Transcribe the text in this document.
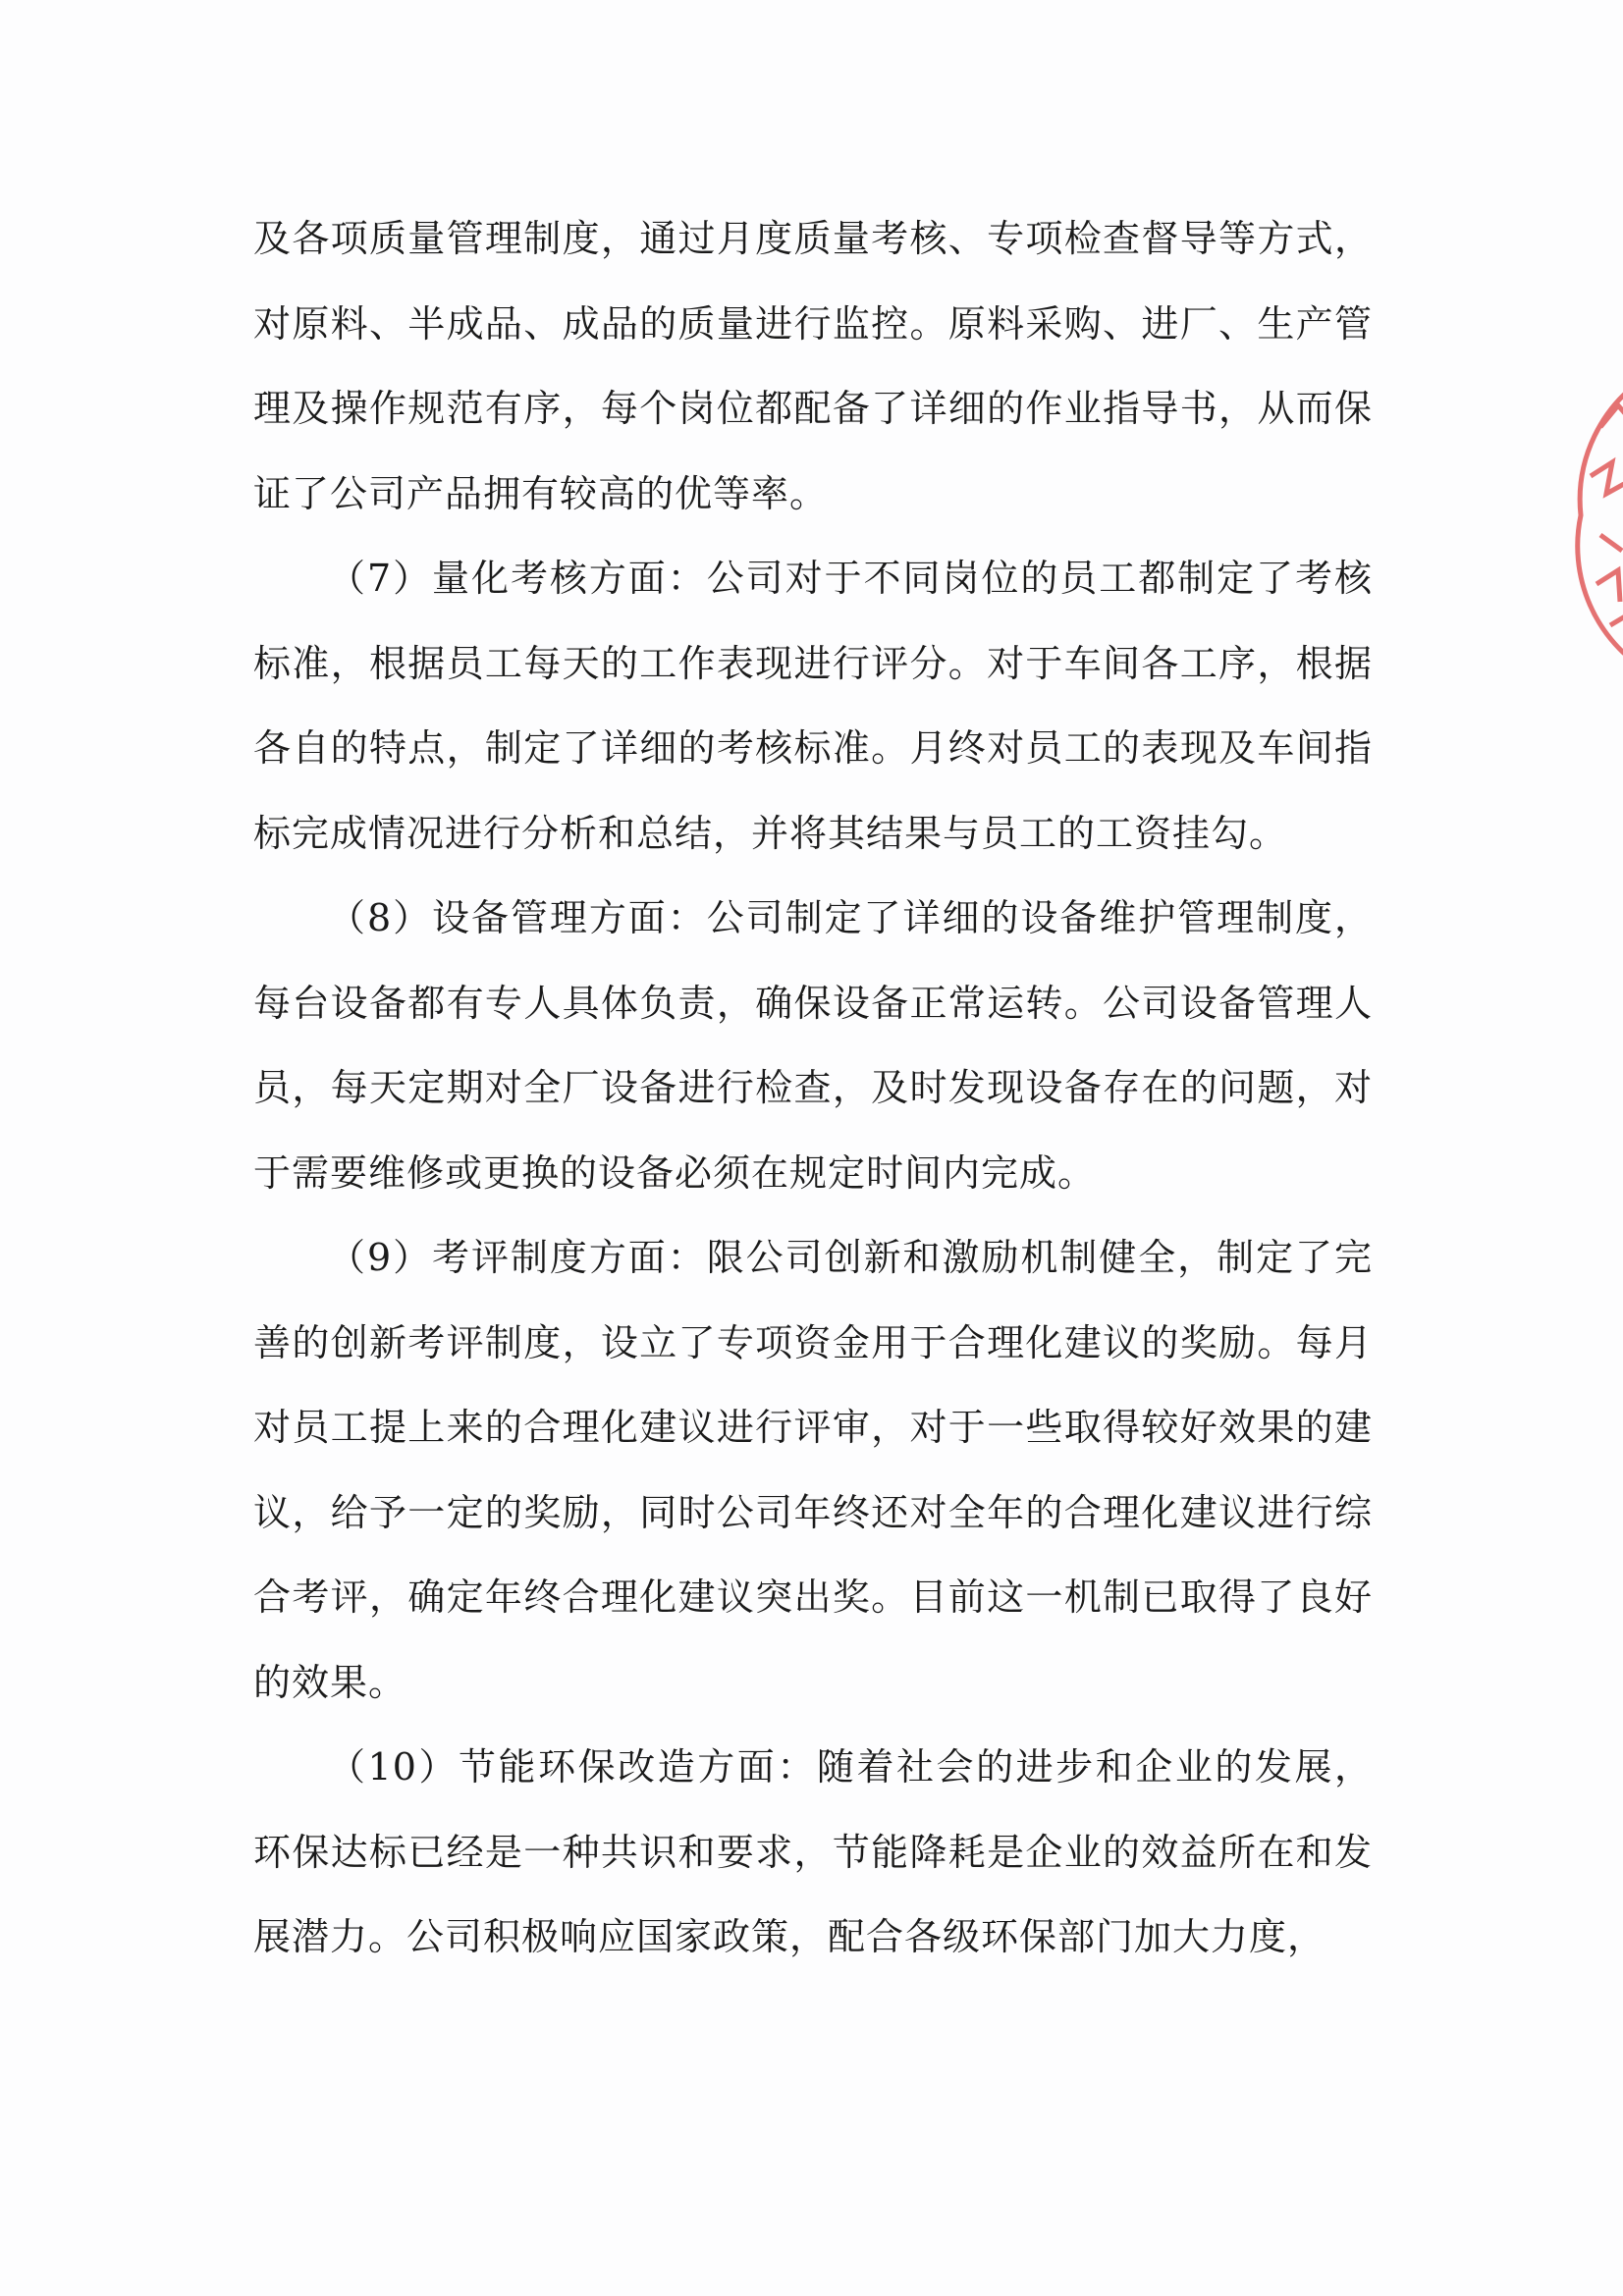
及各项质量管理制度，通过月度质量考核、专项检查督导等方式，对原料、半成品、成品的质量进行监控。原料采购、进厂、生产管理及操作规范有序，每个岗位都配备了详细的作业指导书，从而保证了公司产品拥有较高的优等率。

（7）量化考核方面：公司对于不同岗位的员工都制定了考核标准，根据员工每天的工作表现进行评分。对于车间各工序，根据各自的特点，制定了详细的考核标准。月终对员工的表现及车间指标完成情况进行分析和总结，并将其结果与员工的工资挂勾。

（8）设备管理方面：公司制定了详细的设备维护管理制度，每台设备都有专人具体负责，确保设备正常运转。公司设备管理人员，每天定期对全厂设备进行检查，及时发现设备存在的问题，对于需要维修或更换的设备必须在规定时间内完成。

（9）考评制度方面：限公司创新和激励机制健全，制定了完善的创新考评制度，设立了专项资金用于合理化建议的奖励。每月对员工提上来的合理化建议进行评审，对于一些取得较好效果的建议，给予一定的奖励，同时公司年终还对全年的合理化建议进行综合考评，确定年终合理化建议突出奖。目前这一机制已取得了良好的效果。

（10）节能环保改造方面：随着社会的进步和企业的发展，环保达标已经是一种共识和要求，节能降耗是企业的效益所在和发展潜力。公司积极响应国家政策，配合各级环保部门加大力度，
